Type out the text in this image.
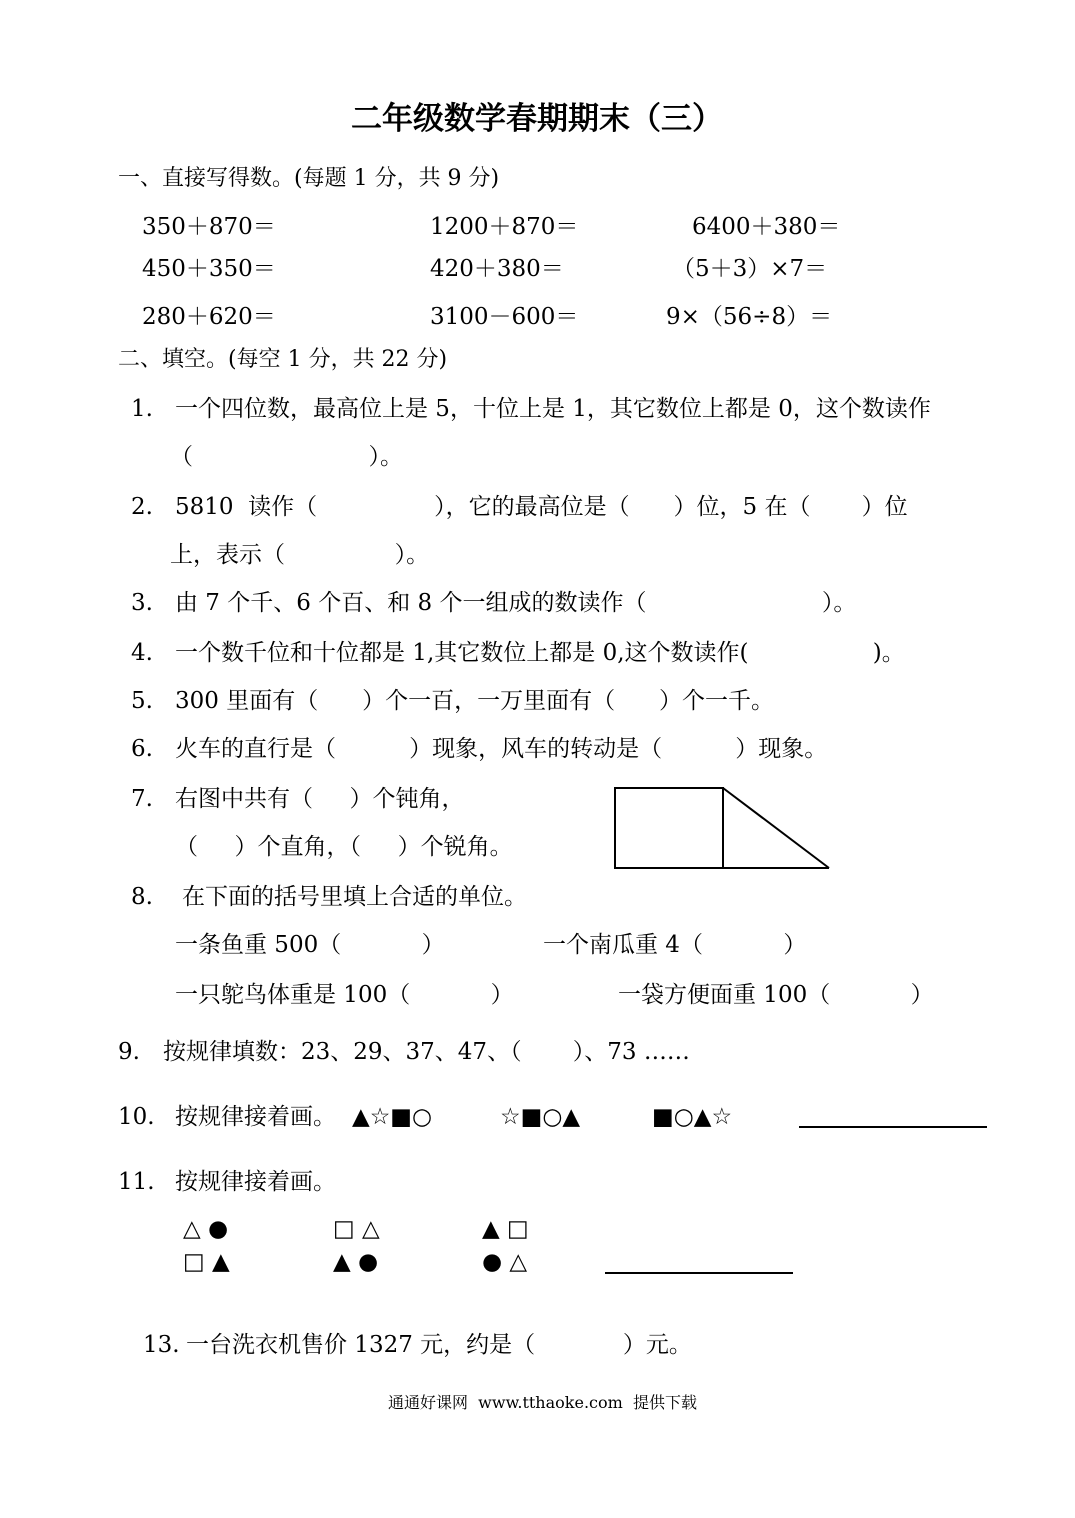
二年级数学春期期末（三）
一、直接写得数。(每题 1 分，共 9 分)
350＋870＝	1200＋870＝	6400＋380＝
450＋350＝	420＋380＝	（5＋3）×7＝
280＋620＝	3100－600＝	9×（56÷8）＝
二、填空。(每空 1 分，共 22 分)
1. 一个四位数，最高位上是 5，十位上是 1，其它数位上都是 0，这个数读作
（                        ）。
2. 5810  读作（                ），它的最高位是（      ）位，5 在（       ）位
上，表示（               ）。
3. 由 7 个千、6 个百、和 8 个一组成的数读作（                        ）。
4. 一个数千位和十位都是 1,其它数位上都是 0,这个数读作(                 )。
5. 300 里面有（      ）个一百，一万里面有（      ）个一千。
6. 火车的直行是（          ）现象，风车的转动是（          ）现象。
7. 右图中共有（     ）个钝角，
（     ）个直角，（     ）个锐角。
8. 在下面的括号里填上合适的单位。
一条鱼重 500（           ）	一个南瓜重 4（           ）
一只鸵鸟体重是 100（           ）	一袋方便面重 100（           ）
9. 按规律填数：23、29、37、47、（       ）、73 ……
10. 按规律接着画。 ▲☆■○	☆■○▲	■○▲☆
11. 按规律接着画。
△ ●	□ △	▲ □
□ ▲	▲ ●	● △
13. 一台洗衣机售价 1327 元，约是（            ）元。
通通好课网  www.tthaoke.com  提供下载
